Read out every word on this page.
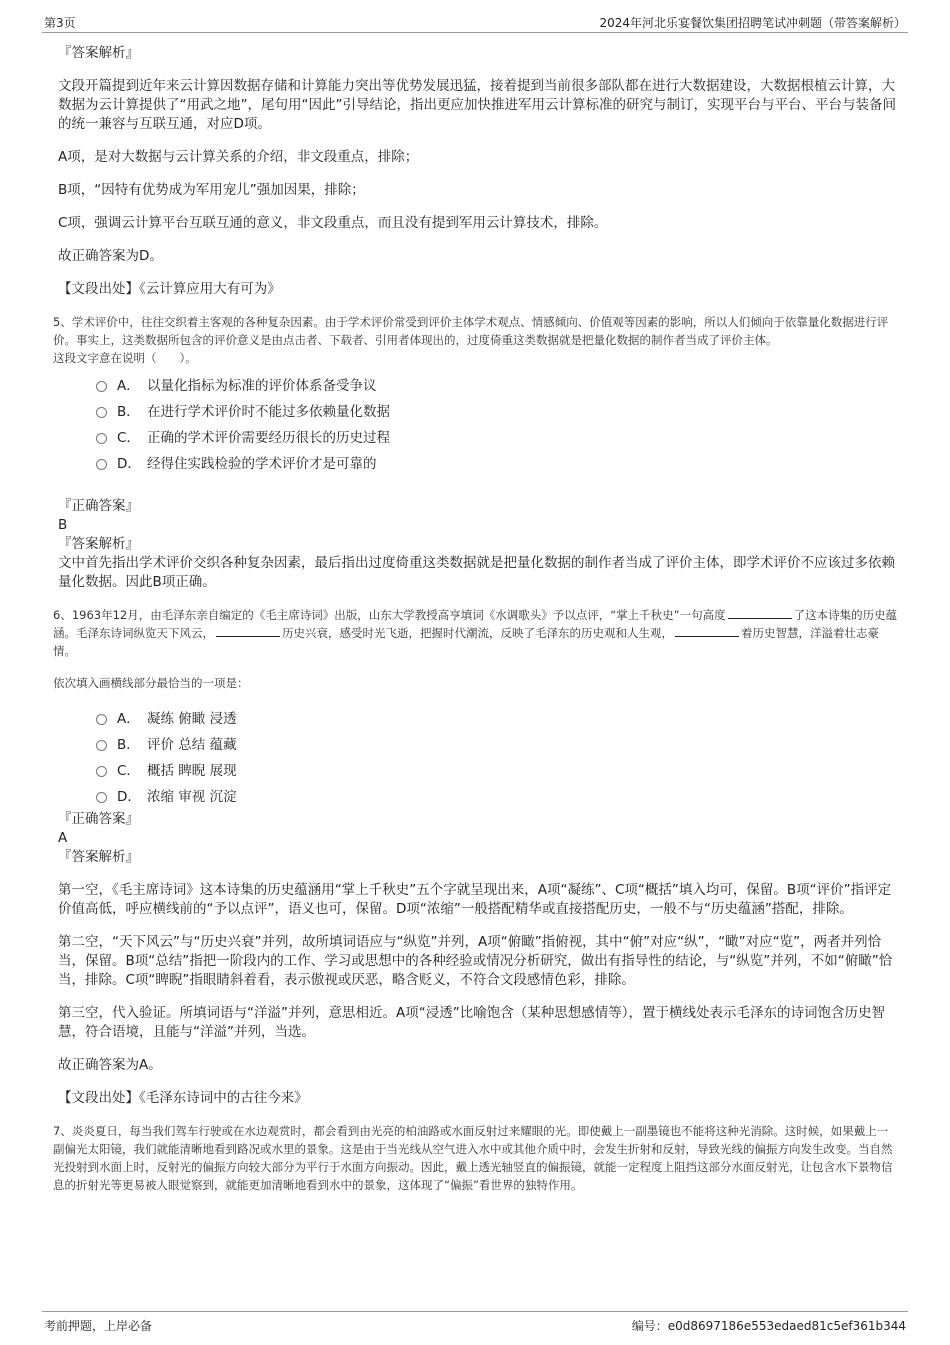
第3页	2024年河北乐宴餐饮集团招聘笔试冲刺题（带答案解析）

『答案解析』

文段开篇提到近年来云计算因数据存储和计算能力突出等优势发展迅猛，接着提到当前很多部队都在进行大数据建设，大数据根植云计算，大数据为云计算提供了“用武之地”，尾句用“因此”引导结论，指出更应加快推进军用云计算标准的研究与制订，实现平台与平台、平台与装备间的统一兼容与互联互通，对应D项。

A项，是对大数据与云计算关系的介绍，非文段重点，排除；

B项，“因特有优势成为军用宠儿”强加因果，排除；

C项，强调云计算平台互联互通的意义，非文段重点，而且没有提到军用云计算技术，排除。

故正确答案为D。

【文段出处】《云计算应用大有可为》

5、学术评价中，往往交织着主客观的各种复杂因素。由于学术评价常受到评价主体学术观点、情感倾向、价值观等因素的影响，所以人们倾向于依靠量化数据进行评价。事实上，这类数据所包含的评价意义是由点击者、下载者、引用者体现出的，过度倚重这类数据就是把量化数据的制作者当成了评价主体。

这段文字意在说明（　　）。

A． 以量化指标为标准的评价体系备受争议
B． 在进行学术评价时不能过多依赖量化数据
C． 正确的学术评价需要经历很长的历史过程
D． 经得住实践检验的学术评价才是可靠的

『正确答案』

B

『答案解析』

文中首先指出学术评价交织各种复杂因素，最后指出过度倚重这类数据就是把量化数据的制作者当成了评价主体，即学术评价不应该过多依赖量化数据。因此B项正确。

6、1963年12月，由毛泽东亲自编定的《毛主席诗词》出版，山东大学教授高亨填词《水调歌头》予以点评，“掌上千秋史”一句高度	了这本诗集的历史蕴涵。毛泽东诗词纵览天下风云，	历史兴衰，感受时光飞逝，把握时代潮流，反映了毛泽东的历史观和人生观，	着历史智慧，洋溢着壮志豪情。

依次填入画横线部分最恰当的一项是：

A． 凝练 俯瞰 浸透
B． 评价 总结 蕴藏
C． 概括 睥睨 展现
D． 浓缩 审视 沉淀

『正确答案』

A

『答案解析』

第一空，《毛主席诗词》这本诗集的历史蕴涵用“掌上千秋史”五个字就呈现出来，A项“凝练”、C项“概括”填入均可，保留。B项“评价”指评定价值高低，呼应横线前的“予以点评”，语义也可，保留。D项“浓缩”一般搭配精华或直接搭配历史，一般不与“历史蕴涵”搭配，排除。

第二空，“天下风云”与“历史兴衰”并列，故所填词语应与“纵览”并列，A项“俯瞰”指俯视，其中“俯”对应“纵”，“瞰”对应“览”，两者并列恰当，保留。B项“总结”指把一阶段内的工作、学习或思想中的各种经验或情况分析研究，做出有指导性的结论，与“纵览”并列，不如“俯瞰”恰当，排除。C项“睥睨”指眼睛斜着看，表示傲视或厌恶，略含贬义，不符合文段感情色彩，排除。

第三空，代入验证。所填词语与“洋溢”并列，意思相近。A项“浸透”比喻饱含（某种思想感情等），置于横线处表示毛泽东的诗词饱含历史智慧，符合语境，且能与“洋溢”并列，当选。

故正确答案为A。

【文段出处】《毛泽东诗词中的古往今来》

7、炎炎夏日，每当我们驾车行驶或在水边观赏时，都会看到由光亮的柏油路或水面反射过来耀眼的光。即使戴上一副墨镜也不能将这种光消除。这时候，如果戴上一副偏光太阳镜，我们就能清晰地看到路况或水里的景象。这是由于当光线从空气进入水中或其他介质中时，会发生折射和反射，导致光线的偏振方向发生改变。当自然光投射到水面上时，反射光的偏振方向较大部分为平行于水面方向振动。因此，戴上透光轴竖直的偏振镜，就能一定程度上阻挡这部分水面反射光，让包含水下景物信息的折射光等更易被人眼觉察到，就能更加清晰地看到水中的景象，这体现了“偏振”看世界的独特作用。

考前押题，上岸必备	编号：e0d8697186e553edaed81c5ef361b344
